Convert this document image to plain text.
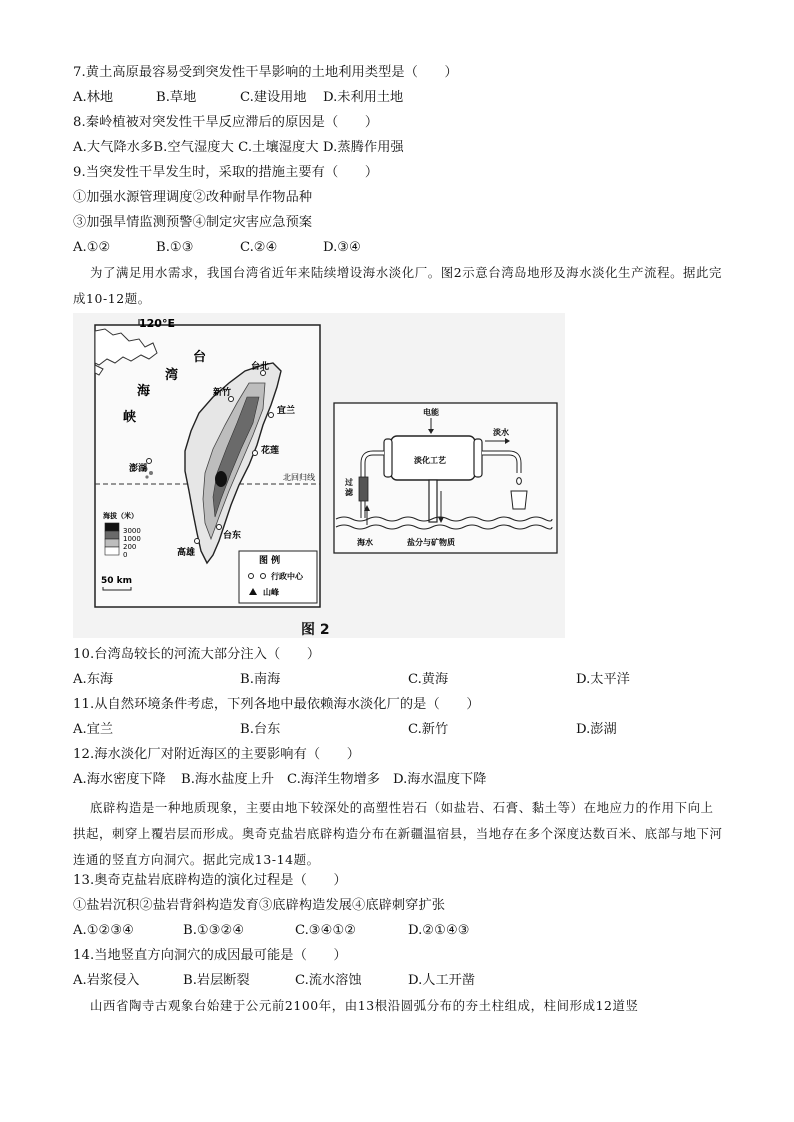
7.黄土高原最容易受到突发性干旱影响的土地利用类型是（　　）
A.林地	B.草地	C.建设用地 D.未利用土地
8.秦岭植被对突发性干旱反应滞后的原因是（　　）
A.大气降水多B.空气湿度大 C.土壤湿度大 D.蒸腾作用强
9.当突发性干旱发生时，采取的措施主要有（　　）
①加强水源管理调度②改种耐旱作物品种
③加强旱情监测预警④制定灾害应急预案
A.①②	B.①③	C.②④	D.③④
为了满足用水需求，我国台湾省近年来陆续增设海水淡化厂。图2示意台湾岛地形及海水淡化生产流程。据此完成10-12题。
120°E
北回归线
台
湾
海
峡
台北
新竹
宜兰
花莲
澎湖
台东
高雄
海拔（米）
3000
1000
200
0
50 km
图 例
行政中心
山峰
电能
淡化工艺
过
滤
淡水
海水	盐分与矿物质
图 2
10.台湾岛较长的河流大部分注入（　　）
A.东海	B.南海	C.黄海	D.太平洋
11.从自然环境条件考虑，下列各地中最依赖海水淡化厂的是（　　）
A.宜兰	B.台东	C.新竹	D.澎湖
12.海水淡化厂对附近海区的主要影响有（　　）
A.海水密度下降 B.海水盐度上升 C.海洋生物增多 D.海水温度下降
底辟构造是一种地质现象，主要由地下较深处的高塑性岩石（如盐岩、石膏、黏土等）在地应力的作用下向上拱起，刺穿上覆岩层而形成。奥奇克盐岩底辟构造分布在新疆温宿县，当地存在多个深度达数百米、底部与地下河连通的竖直方向洞穴。据此完成13-14题。
13.奥奇克盐岩底辟构造的演化过程是（　　）
①盐岩沉积②盐岩背斜构造发育③底辟构造发展④底辟刺穿扩张
A.①②③④	B.①③②④	C.③④①②	D.②①④③
14.当地竖直方向洞穴的成因最可能是（　　）
A.岩浆侵入	B.岩层断裂	C.流水溶蚀	D.人工开凿
山西省陶寺古观象台始建于公元前2100年，由13根沿圆弧分布的夯土柱组成，柱间形成12道竖
